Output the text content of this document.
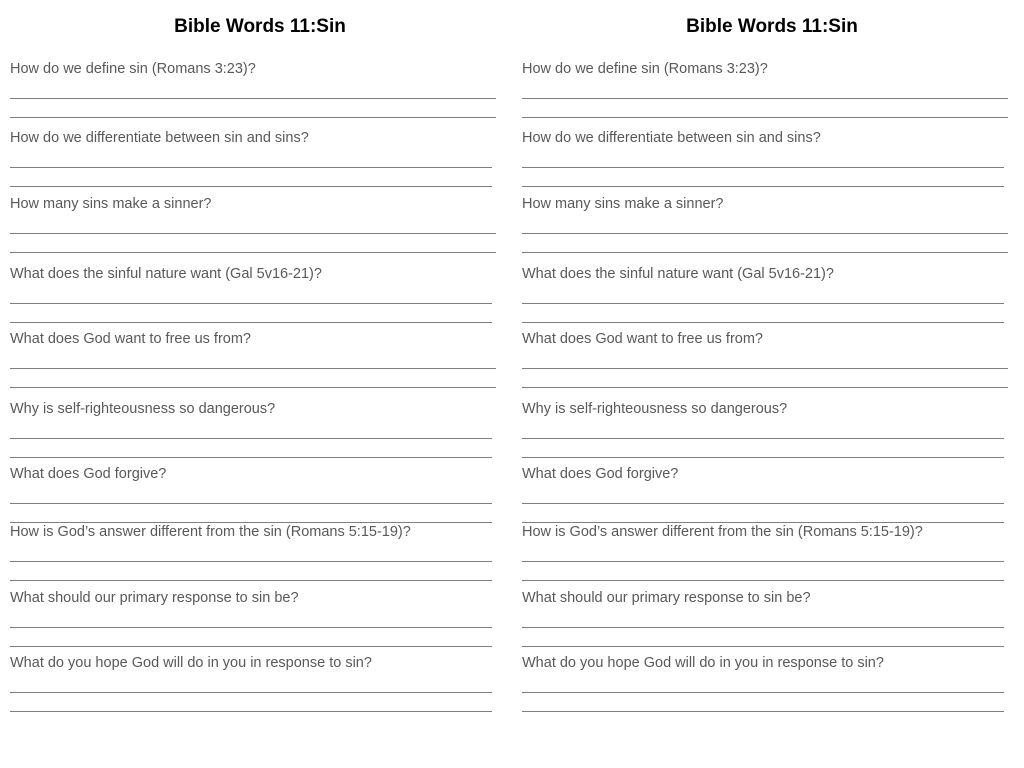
Bible Words 11:Sin
How do we define sin (Romans 3:23)?
How do we differentiate between sin and sins?
How many sins make a sinner?
What does the sinful nature want (Gal 5v16-21)?
What does God want to free us from?
Why is self-righteousness so dangerous?
What does God forgive?
How is God’s answer different from the sin (Romans 5:15-19)?
What should our primary response to sin be?
What do you hope God will do in you in response to sin?
Bible Words 11:Sin
How do we define sin (Romans 3:23)?
How do we differentiate between sin and sins?
How many sins make a sinner?
What does the sinful nature want (Gal 5v16-21)?
What does God want to free us from?
Why is self-righteousness so dangerous?
What does God forgive?
How is God’s answer different from the sin (Romans 5:15-19)?
What should our primary response to sin be?
What do you hope God will do in you in response to sin?
